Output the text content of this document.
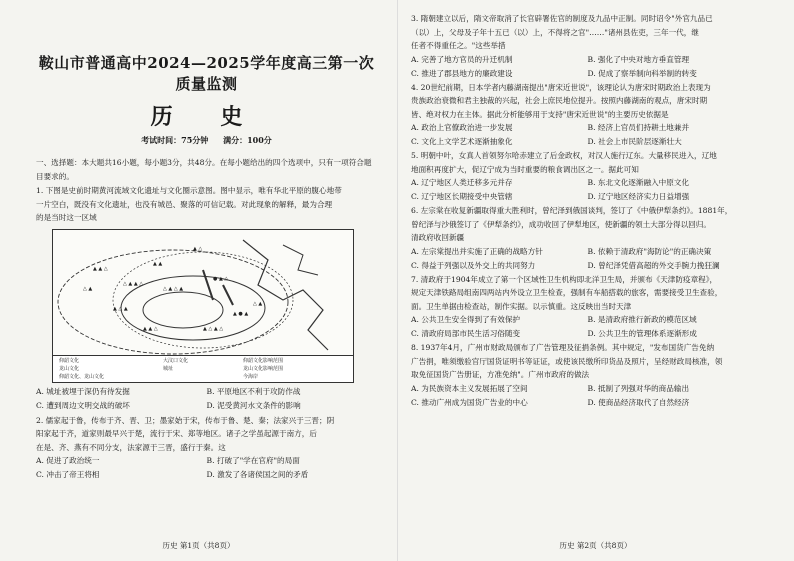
鞍山市普通高中2024—2025学年度高三第一次质量监测
历 史
考试时间：75分钟 满分：100分

一、选择题：本大题共16小题，每小题3分，共48分。在每小题给出的四个选项中，只有一项符合题目要求的。

1. 下图是史前时期黄河流域文化遗址与文化圈示意图。图中显示，唯有华北平原的腹心地带

一片空白，既没有文化遗址，也没有城邑、聚落的可信记载。对此现象的解释，最为合理

的是当时这一区域

▲ ▲ △
△ ▲ ▲ △
▲ △ ▲
▲ ▲
△ ▲ △ ▲
● ▲ △
▲ ● ▲
△ ▲
▲ △ ▲ △
▲ ▲ △
△ ▲
▲ △
仰韶文化
龙山文化
仰韶文化、龙山文化
大汶口文化
城址
仰韶文化影响范围
龙山文化影响范围
今海岸
A. 城址被埋于深仍有待发掘	B. 平原地区不利于攻防作战
C. 遭到周边文明交战的破坏	D. 泥受黄河水文条件的影响

2. 儒家起于鲁，传布于齐、晋、卫；墨家始于宋，传布于鲁、楚、秦；法家兴于三晋；阴

阳家起于齐，道家则最早兴于楚，流行于宋、郑等地区。诸子之学虽起源于南方，后

在是、齐、燕有不同分支，法家源于三晋，盛行于秦。这

A. 促进了政治统一	B. 打破了"学在官府"的局面
C. 冲击了帝王将相	D. 激发了各诸侯国之间的矛盾
历史 第1页（共8页）

3. 隋朝建立以后，隋文帝取消了长官辟署佐官的制度及九品中正制。同时诏令"外官九品已

（以）上，父母及子年十五已（以）上，不得将之官"……"诸州县佐吏，三年一代，继

任者不得重任之。"这些举措

A. 完善了地方官员的升迁机制	B. 强化了中央对地方垂直管理
C. 推进了郡县地方的廉政建设	D. 促成了察举制向科举制的转变

4. 20世纪前期，日本学者内藤湖南提出"唐宋近世说"，该理论认为唐宋时期政治上表现为

贵族政治衰微和君主独裁的兴起，社会上庶民地位提升。按照内藤湖南的观点，唐宋时期

皆、绝对权力在主体。据此分析能够用于支持"唐宋近世说"的主要历史依据是

A. 政治上官僚政治进一步发展	B. 经济上官员们持耕土地兼并
C. 文化上文学艺术逐渐抽象化	D. 社会上市民阶层逐渐壮大

5. 明朝中叶，女真人首领努尔哈赤建立了后金政权，对汉人施行辽东。大量移民进入，辽地

地面积再度扩大，促辽宁成为当时重要的粮食调出区之一。据此可知

A. 辽宁地区人类迁移多元并存	B. 东北文化逐渐融入中原文化
C. 辽宁地区长期接受中央管辖	D. 辽宁地区经济实力日益增强

6. 左宗棠在收复新疆取得重大胜利时，曾纪泽到俄国谈判，签订了《中俄伊犁条约》。1881年，

曾纪泽与沙俄签订了《伊犁条约》，成功收回了伊犁地区，使新疆的领土大部分得以回归。

清政府收回新疆

A. 左宗棠提出并实施了正确的战略方针	B. 依赖于清政府"海防论"的正确决策
C. 得益于列强以及外交上的共同努力	D. 曾纪泽凭借高超的外交手腕力挽狂澜

7. 清政府于1904年成立了第一个区域性卫生机构即北洋卫生局，并颁布《天津防疫章程》，

规定天津铁路局组南四两站内外设立卫生检查，强制有车船搭载的旅客，需要接受卫生查验，

面。卫生单据由检查站，制作实据。以示慎重。这反映出当时天津

A. 公共卫生安全得到了有效保护	B. 是清政府推行新政的模范区域
C. 清政府局部市民生活习俗随变	D. 公共卫生的管理体系逐渐形成

8. 1937年4月，广州市财政局颁布了广告管理及征捐条例。其中规定，"发布国货广告免纳

广告捐，唯须缴验官厅国货证明书等证证，或使该民缴所印货品及照片，呈经财政局核准，领

取免征国货广告册证，方准免纳"。广州市政府的做法

A. 为民族资本主义发展拓展了空间	B. 抵制了列强对华的商品输出
C. 推动广州成为国货广告业的中心	D. 使商品经济取代了自然经济
历史 第2页（共8页）
